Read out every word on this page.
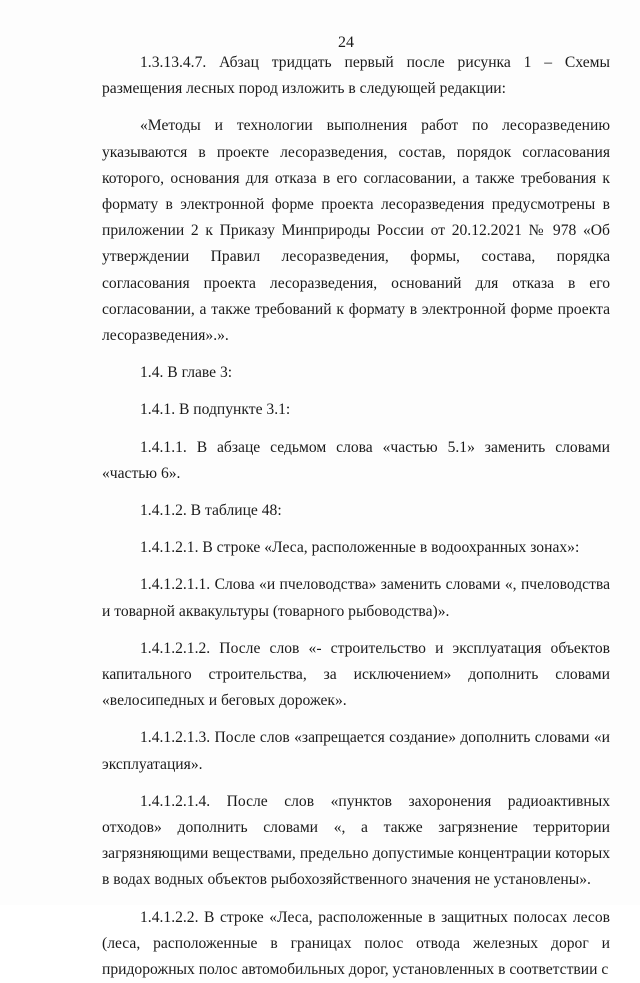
24

1.3.13.4.7. Абзац тридцать первый после рисунка 1 – Схемы размещения лесных пород изложить в следующей редакции:

«Методы и технологии выполнения работ по лесоразведению указываются в проекте лесоразведения, состав, порядок согласования которого, основания для отказа в его согласовании, а также требования к формату в электронной форме проекта лесоразведения предусмотрены в приложении 2 к Приказу Минприроды России от 20.12.2021 № 978 «Об утверждении Правил лесоразведения, формы, состава, порядка согласования проекта лесоразведения, оснований для отказа в его согласовании, а также требований к формату в электронной форме проекта лесоразведения».».

1.4. В главе 3:

1.4.1. В подпункте 3.1:

1.4.1.1. В абзаце седьмом слова «частью 5.1» заменить словами «частью 6».

1.4.1.2. В таблице 48:

1.4.1.2.1. В строке «Леса, расположенные в водоохранных зонах»:

1.4.1.2.1.1. Слова «и пчеловодства» заменить словами «, пчеловодства и товарной аквакультуры (товарного рыбоводства)».

1.4.1.2.1.2. После слов «- строительство и эксплуатация объектов капитального строительства, за исключением» дополнить словами «велосипедных и беговых дорожек».

1.4.1.2.1.3. После слов «запрещается создание» дополнить словами «и эксплуатация».

1.4.1.2.1.4. После слов «пунктов захоронения радиоактивных отходов» дополнить словами «, а также загрязнение территории загрязняющими веществами, предельно допустимые концентрации которых в водах водных объектов рыбохозяйственного значения не установлены».

1.4.1.2.2. В строке «Леса, расположенные в защитных полосах лесов (леса, расположенные в границах полос отвода железных дорог и придорожных полос автомобильных дорог, установленных в соответствии с
